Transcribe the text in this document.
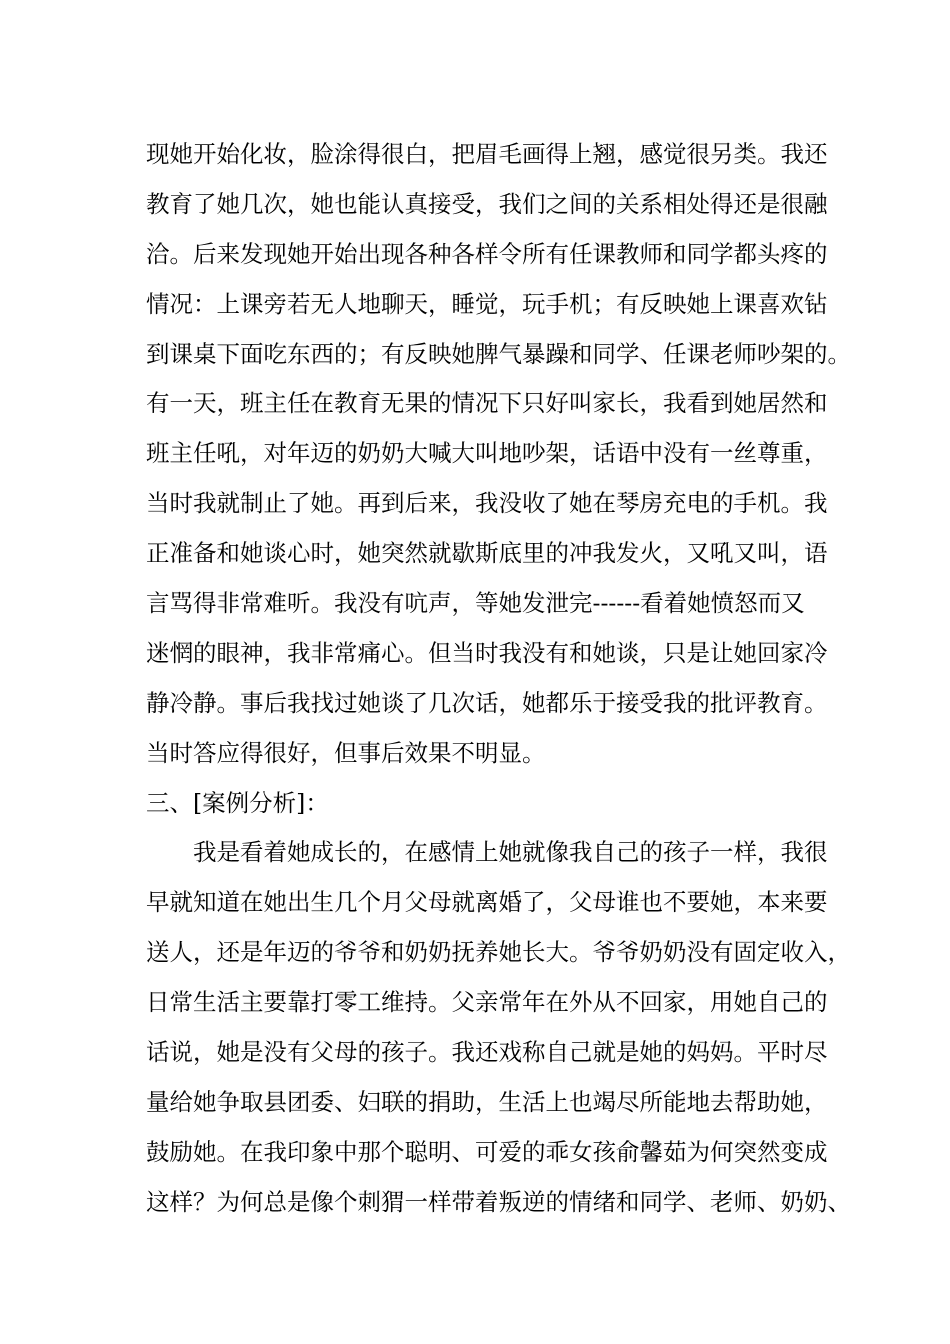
现她开始化妆，脸涂得很白，把眉毛画得上翘，感觉很另类。我还
教育了她几次，她也能认真接受，我们之间的关系相处得还是很融
洽。后来发现她开始出现各种各样令所有任课教师和同学都头疼的
情况：上课旁若无人地聊天，睡觉，玩手机；有反映她上课喜欢钻
到课桌下面吃东西的；有反映她脾气暴躁和同学、任课老师吵架的。
有一天，班主任在教育无果的情况下只好叫家长，我看到她居然和
班主任吼，对年迈的奶奶大喊大叫地吵架，话语中没有一丝尊重，
当时我就制止了她。再到后来，我没收了她在琴房充电的手机。我
正准备和她谈心时，她突然就歇斯底里的冲我发火，又吼又叫，语
言骂得非常难听。我没有吭声，等她发泄完------看着她愤怒而又
迷惘的眼神，我非常痛心。但当时我没有和她谈，只是让她回家冷
静冷静。事后我找过她谈了几次话，她都乐于接受我的批评教育。
当时答应得很好，但事后效果不明显。
三、[案例分析]：
我是看着她成长的，在感情上她就像我自己的孩子一样，我很
早就知道在她出生几个月父母就离婚了，父母谁也不要她，本来要
送人，还是年迈的爷爷和奶奶抚养她长大。爷爷奶奶没有固定收入，
日常生活主要靠打零工维持。父亲常年在外从不回家，用她自己的
话说，她是没有父母的孩子。我还戏称自己就是她的妈妈。平时尽
量给她争取县团委、妇联的捐助，生活上也竭尽所能地去帮助她，
鼓励她。在我印象中那个聪明、可爱的乖女孩俞馨茹为何突然变成
这样？为何总是像个刺猬一样带着叛逆的情绪和同学、老师、奶奶、
